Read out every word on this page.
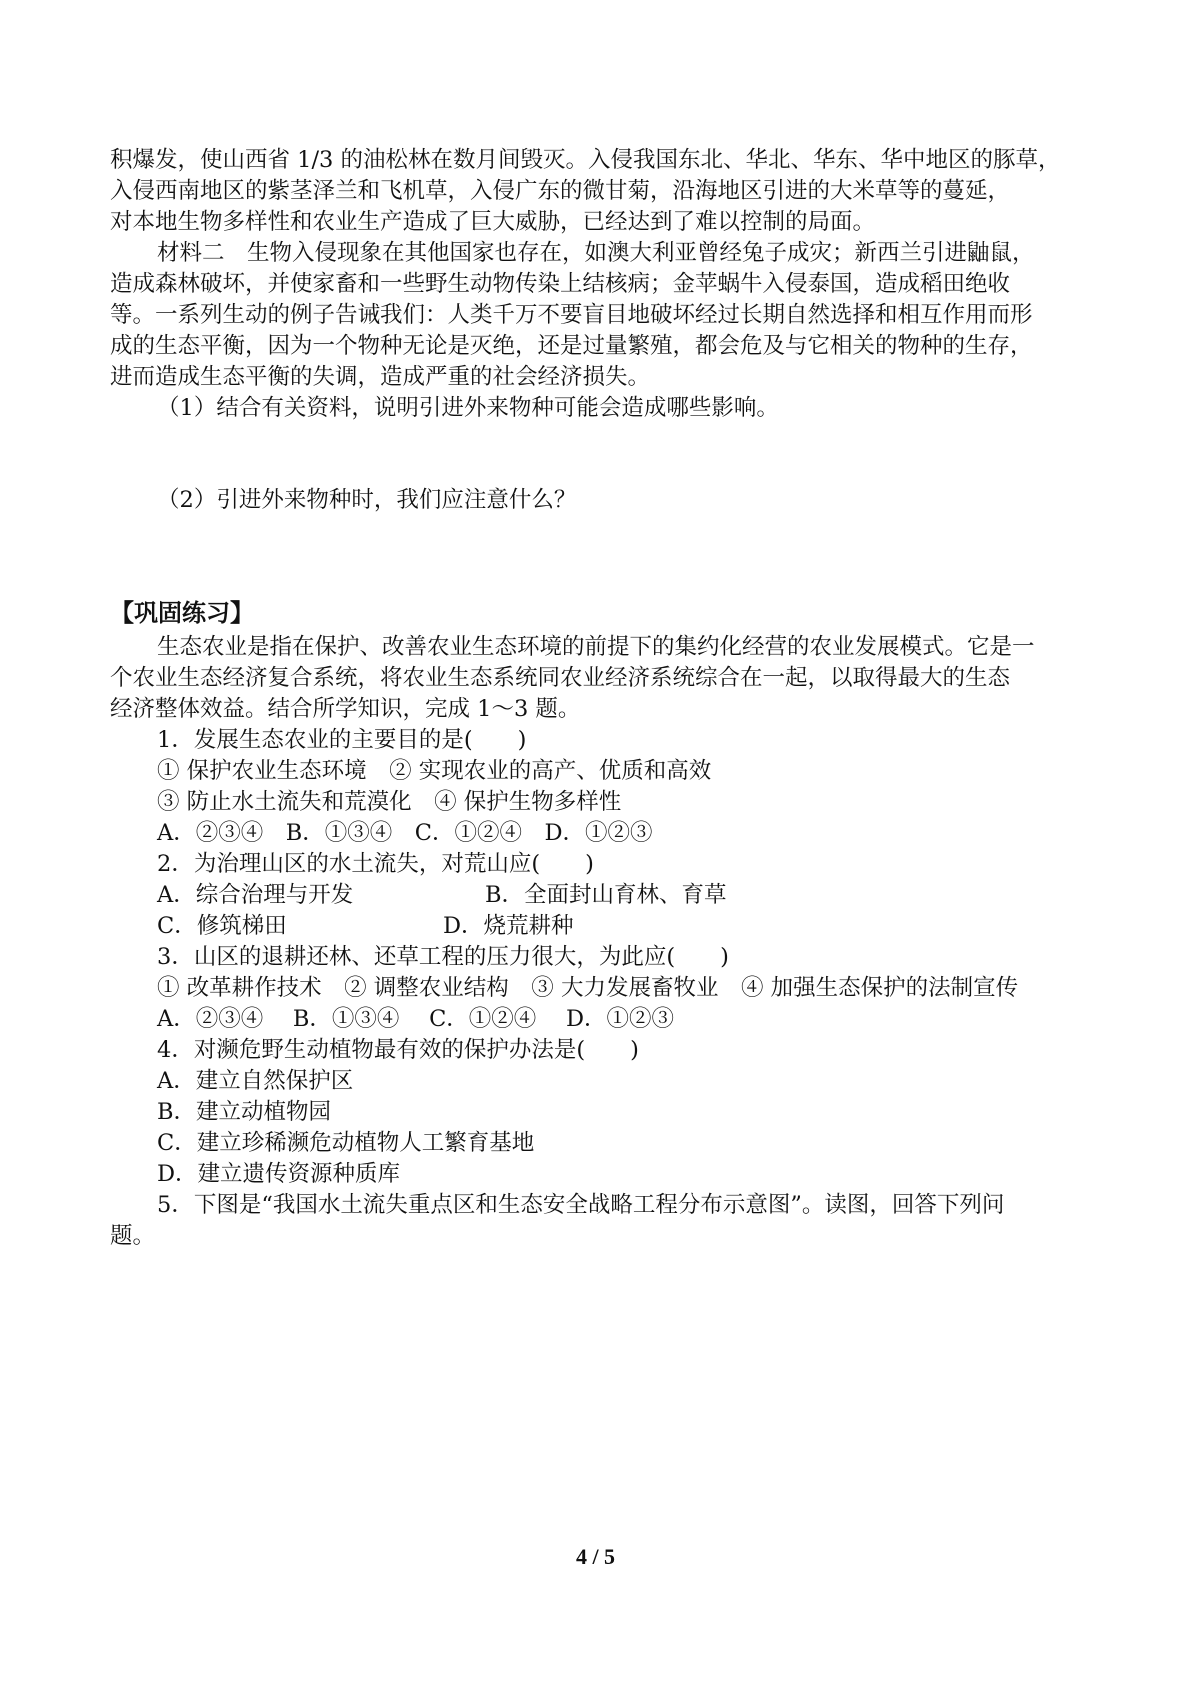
积爆发，使山西省 1/3 的油松林在数月间毁灭。入侵我国东北、华北、华东、华中地区的豚草，
入侵西南地区的紫茎泽兰和飞机草，入侵广东的微甘菊，沿海地区引进的大米草等的蔓延，
对本地生物多样性和农业生产造成了巨大威胁，已经达到了难以控制的局面。
材料二　生物入侵现象在其他国家也存在，如澳大利亚曾经兔子成灾；新西兰引进鼬鼠，
造成森林破坏，并使家畜和一些野生动物传染上结核病；金苹蜗牛入侵泰国，造成稻田绝收
等。一系列生动的例子告诫我们：人类千万不要盲目地破坏经过长期自然选择和相互作用而形
成的生态平衡，因为一个物种无论是灭绝，还是过量繁殖，都会危及与它相关的物种的生存，
进而造成生态平衡的失调，造成严重的社会经济损失。
（1）结合有关资料，说明引进外来物种可能会造成哪些影响。
（2）引进外来物种时，我们应注意什么？
【巩固练习】
生态农业是指在保护、改善农业生态环境的前提下的集约化经营的农业发展模式。它是一
个农业生态经济复合系统，将农业生态系统同农业经济系统综合在一起，以取得最大的生态
经济整体效益。结合所学知识，完成 1～3 题。
1．发展生态农业的主要目的是(　　)
① 保护农业生态环境　② 实现农业的高产、优质和高效
③ 防止水土流失和荒漠化　④ 保护生物多样性
A．②③④　B．①③④　C．①②④　D．①②③
2．为治理山区的水土流失，对荒山应(　　)
A．综合治理与开发	B．全面封山育林、育草
C．修筑梯田	D．烧荒耕种
3．山区的退耕还林、还草工程的压力很大，为此应(　　)
① 改革耕作技术　② 调整农业结构　③ 大力发展畜牧业　④ 加强生态保护的法制宣传
A．②③④　 B．①③④　 C．①②④　 D．①②③
4．对濒危野生动植物最有效的保护办法是(　　)
A．建立自然保护区
B．建立动植物园
C．建立珍稀濒危动植物人工繁育基地
D．建立遗传资源种质库
5．下图是“我国水土流失重点区和生态安全战略工程分布示意图”。读图，回答下列问
题。
4 / 5
